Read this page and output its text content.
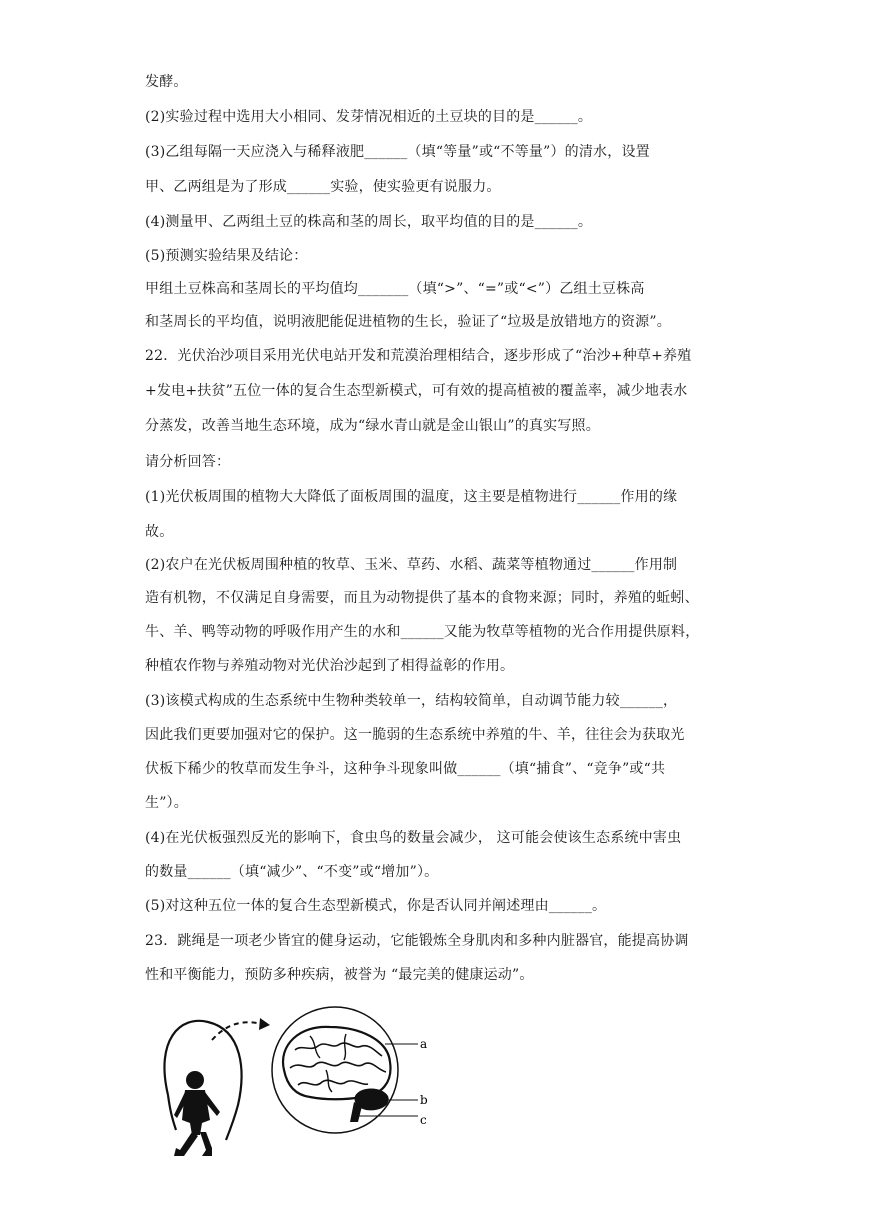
发酵。
(2)实验过程中选用大小相同、发芽情况相近的土豆块的目的是______。
(3)乙组每隔一天应浇入与稀释液肥______（填“等量”或“不等量”）的清水，设置
甲、乙两组是为了形成______实验，使实验更有说服力。
(4)测量甲、乙两组土豆的株高和茎的周长，取平均值的目的是______。
(5)预测实验结果及结论：
甲组土豆株高和茎周长的平均值均_______（填“>”、“=”或“<”）乙组土豆株高
和茎周长的平均值，说明液肥能促进植物的生长，验证了“垃圾是放错地方的资源”。
22．光伏治沙项目采用光伏电站开发和荒漠治理相结合，逐步形成了“治沙+种草+养殖
+发电+扶贫”五位一体的复合生态型新模式，可有效的提高植被的覆盖率，减少地表水
分蒸发，改善当地生态环境，成为“绿水青山就是金山银山”的真实写照。
请分析回答：
(1)光伏板周围的植物大大降低了面板周围的温度，这主要是植物进行______作用的缘
故。
(2)农户在光伏板周围种植的牧草、玉米、草药、水稻、蔬菜等植物通过______作用制
造有机物，不仅满足自身需要，而且为动物提供了基本的食物来源；同时，养殖的蚯蚓、
牛、羊、鸭等动物的呼吸作用产生的水和______又能为牧草等植物的光合作用提供原料，
种植农作物与养殖动物对光伏治沙起到了相得益彰的作用。
(3)该模式构成的生态系统中生物种类较单一，结构较简单，自动调节能力较______，
因此我们更要加强对它的保护。这一脆弱的生态系统中养殖的牛、羊，往往会为获取光
伏板下稀少的牧草而发生争斗，这种争斗现象叫做______（填“捕食”、“竞争”或“共
生”）。
(4)在光伏板强烈反光的影响下，食虫鸟的数量会减少， 这可能会使该生态系统中害虫
的数量______（填“减少”、“不变”或“增加”）。
(5)对这种五位一体的复合生态型新模式，你是否认同并阐述理由______。
23．跳绳是一项老少皆宜的健身运动，它能锻炼全身肌肉和多种内脏器官，能提高协调
性和平衡能力，预防多种疾病，被誉为 “最完美的健康运动”。
a
b
c
